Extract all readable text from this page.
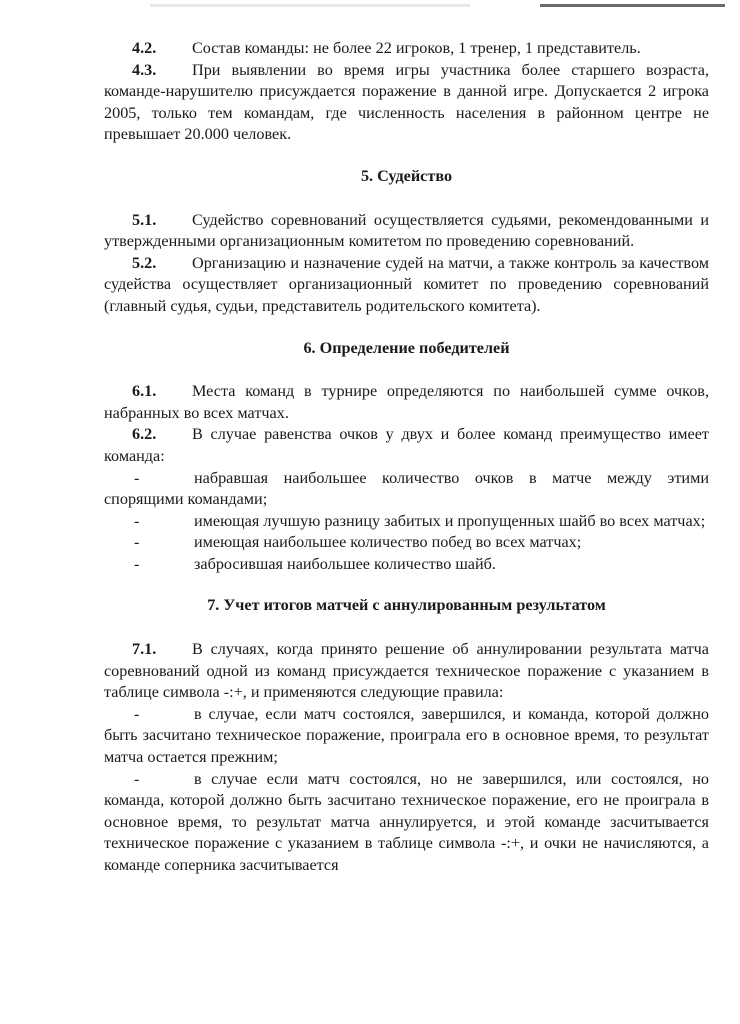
4.2. Состав команды: не более 22 игроков, 1 тренер, 1 представитель.

4.3. При выявлении во время игры участника более старшего возраста, команде-нарушителю присуждается поражение в данной игре. Допускается 2 игрока 2005, только тем командам, где численность населения в районном центре не превышает 20.000 человек.

5. Судейство

5.1. Судейство соревнований осуществляется судьями, рекомендованными и утвержденными организационным комитетом по проведению соревнований.

5.2. Организацию и назначение судей на матчи, а также контроль за качеством судейства осуществляет организационный комитет по проведению соревнований (главный судья, судьи, представитель родительского комитета).

6. Определение победителей

6.1. Места команд в турнире определяются по наибольшей сумме очков, набранных во всех матчах.

6.2. В случае равенства очков у двух и более команд преимущество имеет команда:

-	набравшая наибольшее количество очков в матче между этими спорящими командами;

-	имеющая лучшую разницу забитых и пропущенных шайб во всех матчах;

-	имеющая наибольшее количество побед во всех матчах;

-	забросившая наибольшее количество шайб.

7. Учет итогов матчей с аннулированным результатом

7.1. В случаях, когда принято решение об аннулировании результата матча соревнований одной из команд присуждается техническое поражение с указанием в таблице символа -:+, и применяются следующие правила:

-	в случае, если матч состоялся, завершился, и команда, которой должно быть засчитано техническое поражение, проиграла его в основное время, то результат матча остается прежним;

-	в случае если матч состоялся, но не завершился, или состоялся, но команда, которой должно быть засчитано техническое поражение, его не проиграла в основное время, то результат матча аннулируется, и этой команде засчитывается техническое поражение с указанием в таблице символа -:+, и очки не начисляются, а команде соперника засчитывается
